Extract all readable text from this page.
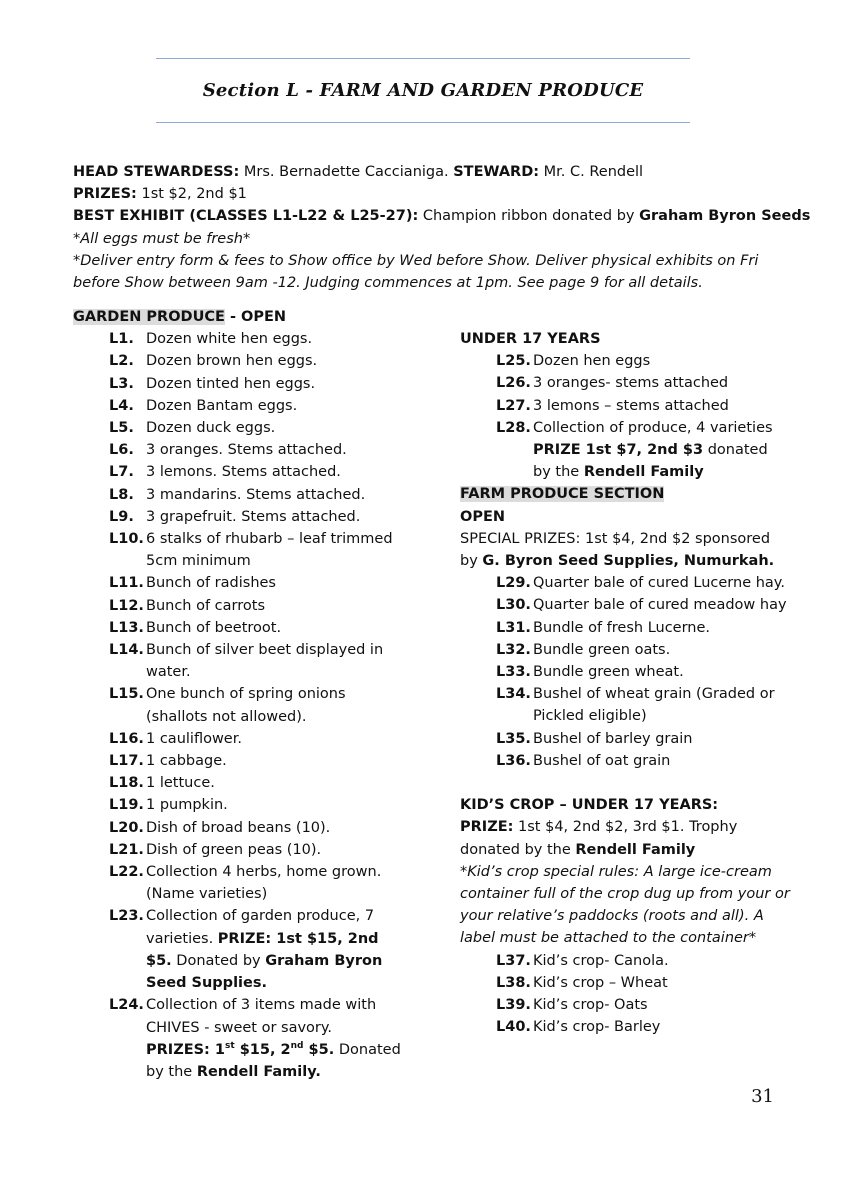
Section L - FARM AND GARDEN PRODUCE
HEAD STEWARDESS: Mrs. Bernadette Caccianiga. STEWARD: Mr. C. Rendell
PRIZES: 1st $2, 2nd $1
BEST EXHIBIT (CLASSES L1-L22 & L25-27): Champion ribbon donated by Graham Byron Seeds
*All eggs must be fresh*
*Deliver entry form & fees to Show office by Wed before Show. Deliver physical exhibits on Fri before Show between 9am -12. Judging commences at 1pm. See page 9 for all details.
GARDEN PRODUCE - OPEN
L1. Dozen white hen eggs.
L2. Dozen brown hen eggs.
L3. Dozen tinted hen eggs.
L4. Dozen Bantam eggs.
L5. Dozen duck eggs.
L6. 3 oranges. Stems attached.
L7. 3 lemons. Stems attached.
L8. 3 mandarins. Stems attached.
L9. 3 grapefruit. Stems attached.
L10. 6 stalks of rhubarb – leaf trimmed 5cm minimum
L11. Bunch of radishes
L12. Bunch of carrots
L13. Bunch of beetroot.
L14. Bunch of silver beet displayed in water.
L15. One bunch of spring onions (shallots not allowed).
L16. 1 cauliflower.
L17. 1 cabbage.
L18. 1 lettuce.
L19. 1 pumpkin.
L20. Dish of broad beans (10).
L21. Dish of green peas (10).
L22. Collection 4 herbs, home grown. (Name varieties)
L23. Collection of garden produce, 7 varieties. PRIZE: 1st $15, 2nd $5. Donated by Graham Byron Seed Supplies.
L24. Collection of 3 items made with CHIVES - sweet or savory.
PRIZES: 1st $15, 2nd $5. Donated by the Rendell Family.
UNDER 17 YEARS
L25. Dozen hen eggs
L26. 3 oranges- stems attached
L27. 3 lemons – stems attached
L28. Collection of produce, 4 varieties PRIZE 1st $7, 2nd $3 donated by the Rendell Family
FARM PRODUCE SECTION
OPEN
SPECIAL PRIZES: 1st $4, 2nd $2 sponsored by G. Byron Seed Supplies, Numurkah.
L29. Quarter bale of cured Lucerne hay.
L30. Quarter bale of cured meadow hay
L31. Bundle of fresh Lucerne.
L32. Bundle green oats.
L33. Bundle green wheat.
L34. Bushel of wheat grain (Graded or Pickled eligible)
L35. Bushel of barley grain
L36. Bushel of oat grain
KID’S CROP – UNDER 17 YEARS:
PRIZE: 1st $4, 2nd $2, 3rd $1. Trophy donated by the Rendell Family
*Kid’s crop special rules: A large ice-cream container full of the crop dug up from your or your relative’s paddocks (roots and all). A label must be attached to the container*
L37. Kid’s crop- Canola.
L38. Kid’s crop – Wheat
L39. Kid’s crop- Oats
L40. Kid’s crop- Barley
31
